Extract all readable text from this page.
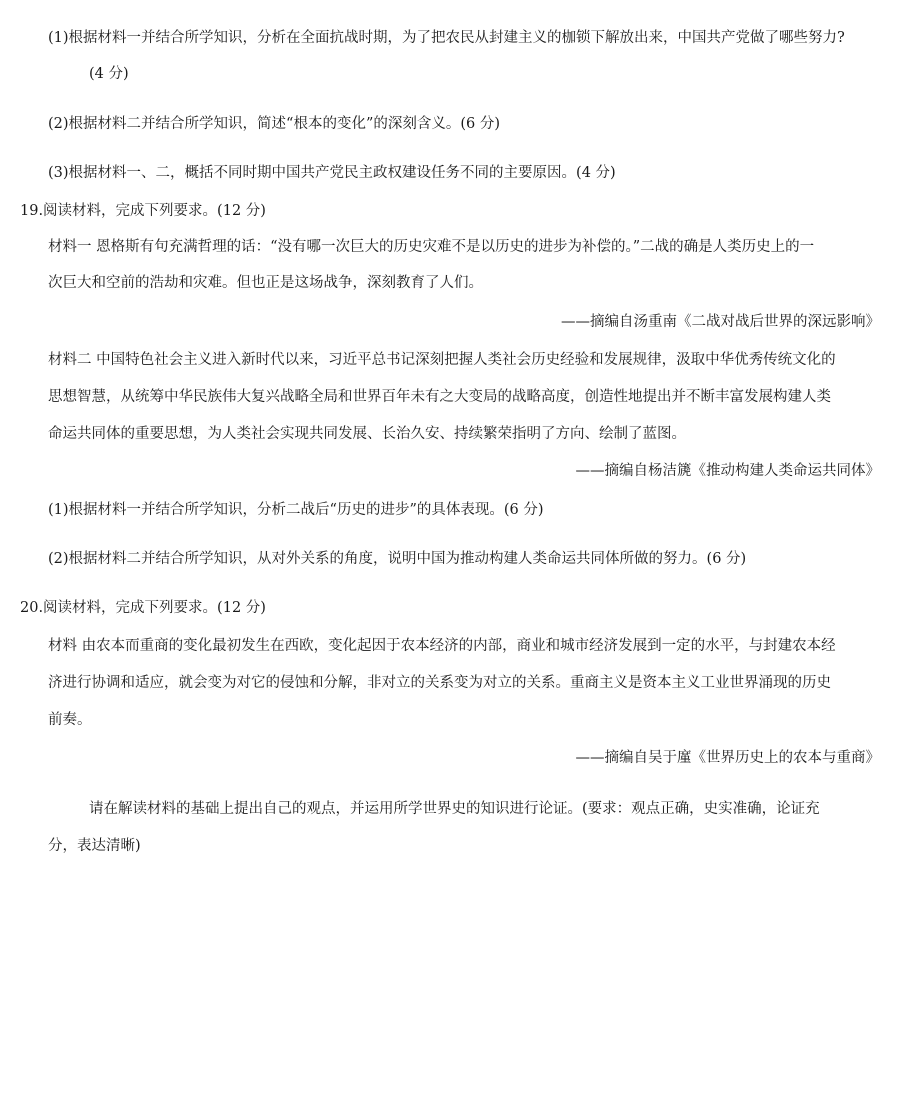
(1)根据材料一并结合所学知识，分析在全面抗战时期，为了把农民从封建主义的枷锁下解放出来，中国共产党做了哪些努力?
(4 分)
(2)根据材料二并结合所学知识，简述“根本的变化”的深刻含义。(6 分)
(3)根据材料一、二，概括不同时期中国共产党民主政权建设任务不同的主要原因。(4 分)
19.阅读材料，完成下列要求。(12 分)
材料一 恩格斯有句充满哲理的话：“没有哪一次巨大的历史灾难不是以历史的进步为补偿的。”二战的确是人类历史上的一
次巨大和空前的浩劫和灾难。但也正是这场战争，深刻教育了人们。
——摘编自汤重南《二战对战后世界的深远影响》
材料二 中国特色社会主义进入新时代以来，习近平总书记深刻把握人类社会历史经验和发展规律，汲取中华优秀传统文化的
思想智慧，从统筹中华民族伟大复兴战略全局和世界百年未有之大变局的战略高度，创造性地提出并不断丰富发展构建人类
命运共同体的重要思想，为人类社会实现共同发展、长治久安、持续繁荣指明了方向、绘制了蓝图。
——摘编自杨洁篪《推动构建人类命运共同体》
(1)根据材料一并结合所学知识，分析二战后“历史的进步”的具体表现。(6 分)
(2)根据材料二并结合所学知识，从对外关系的角度，说明中国为推动构建人类命运共同体所做的努力。(6 分)
20.阅读材料，完成下列要求。(12 分)
材料 由农本而重商的变化最初发生在西欧，变化起因于农本经济的内部，商业和城市经济发展到一定的水平，与封建农本经
济进行协调和适应，就会变为对它的侵蚀和分解，非对立的关系变为对立的关系。重商主义是资本主义工业世界涌现的历史
前奏。
——摘编自吴于廑《世界历史上的农本与重商》
请在解读材料的基础上提出自己的观点，并运用所学世界史的知识进行论证。(要求：观点正确，史实准确，论证充
分，表达清晰)
